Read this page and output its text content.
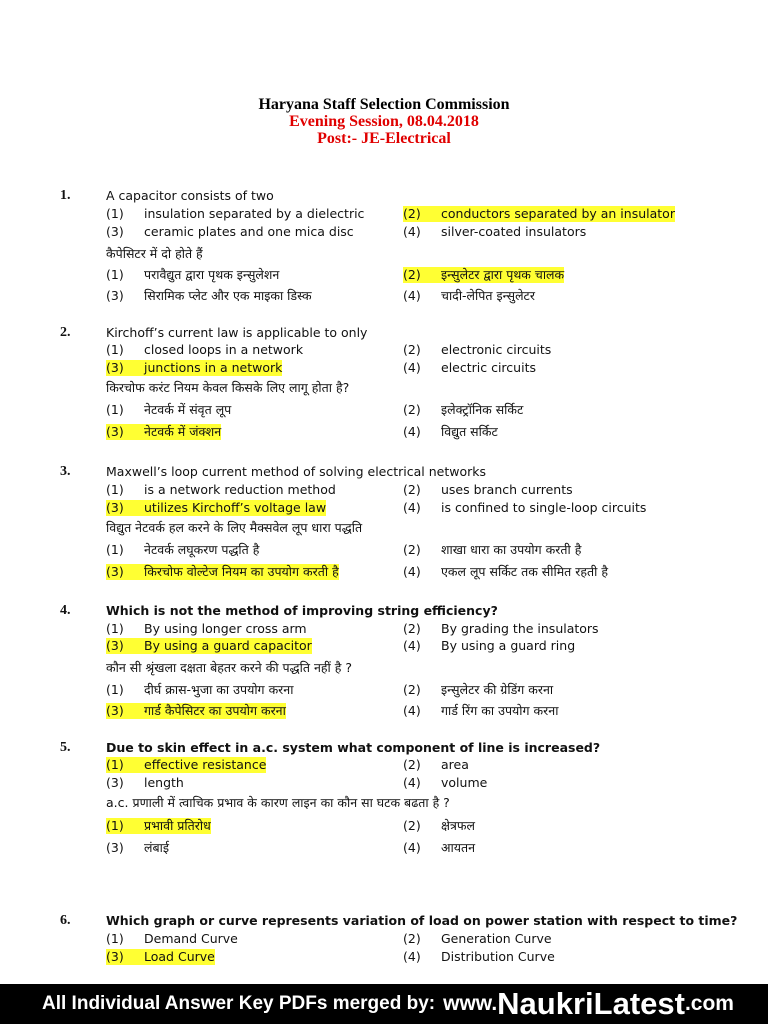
Haryana Staff Selection Commission
Evening Session, 08.04.2018
Post:- JE-Electrical
1.	A capacitor consists of two
(1) insulation separated by a dielectric	(2) conductors separated by an insulator
(3) ceramic plates and one mica disc	(4) silver-coated insulators
कैपेसिटर में दो होते हैं
(1) परावैद्युत द्वारा पृथक इन्सुलेशन	(2) इन्सुलेटर द्वारा पृथक चालक
(3) सिरामिक प्लेट और एक माइका डिस्क	(4) चादी-लेपित इन्सुलेटर
2.	Kirchoff’s current law is applicable to only
(1) closed loops in a network	(2) electronic circuits
(3) junctions in a network	(4) electric circuits
किरचोफ करंट नियम केवल किसके लिए लागू होता है?
(1) नेटवर्क में संवृत लूप	(2) इलेक्ट्रॉनिक सर्किट
(3) नेटवर्क में जंक्शन	(4) विद्युत सर्किट
3.	Maxwell’s loop current method of solving electrical networks
(1) is a network reduction method	(2) uses branch currents
(3) utilizes Kirchoff’s voltage law	(4) is confined to single-loop circuits
विद्युत नेटवर्क हल करने के लिए मैक्सवेल लूप धारा पद्धति
(1) नेटवर्क लघूकरण पद्धति है	(2) शाखा धारा का उपयोग करती है
(3) किरचोफ वोल्टेज नियम का उपयोग करती है	(4) एकल लूप सर्किट तक सीमित रहती है
4.	Which is not the method of improving string efficiency?
(1) By using longer cross arm	(2) By grading the insulators
(3) By using a guard capacitor	(4) By using a guard ring
कौन सी श्रृंखला दक्षता बेहतर करने की पद्धति नहीं है ?
(1) दीर्घ क्रास-भुजा का उपयोग करना	(2) इन्सुलेटर की ग्रेडिंग करना
(3) गार्ड कैपेसिटर का उपयोग करना	(4) गार्ड रिंग का उपयोग करना
5.	Due to skin effect in a.c. system what component of line is increased?
(1) effective resistance	(2) area
(3) length	(4) volume
a.c. प्रणाली में त्वाचिक प्रभाव के कारण लाइन का कौन सा घटक बढता है ?
(1) प्रभावी प्रतिरोध	(2) क्षेत्रफल
(3) लंबाई	(4) आयतन
6.	Which graph or curve represents variation of load on power station with respect to time?
(1) Demand Curve	(2) Generation Curve
(3) Load Curve	(4) Distribution Curve
All Individual Answer Key PDFs merged by: www. NaukriLatest .com
